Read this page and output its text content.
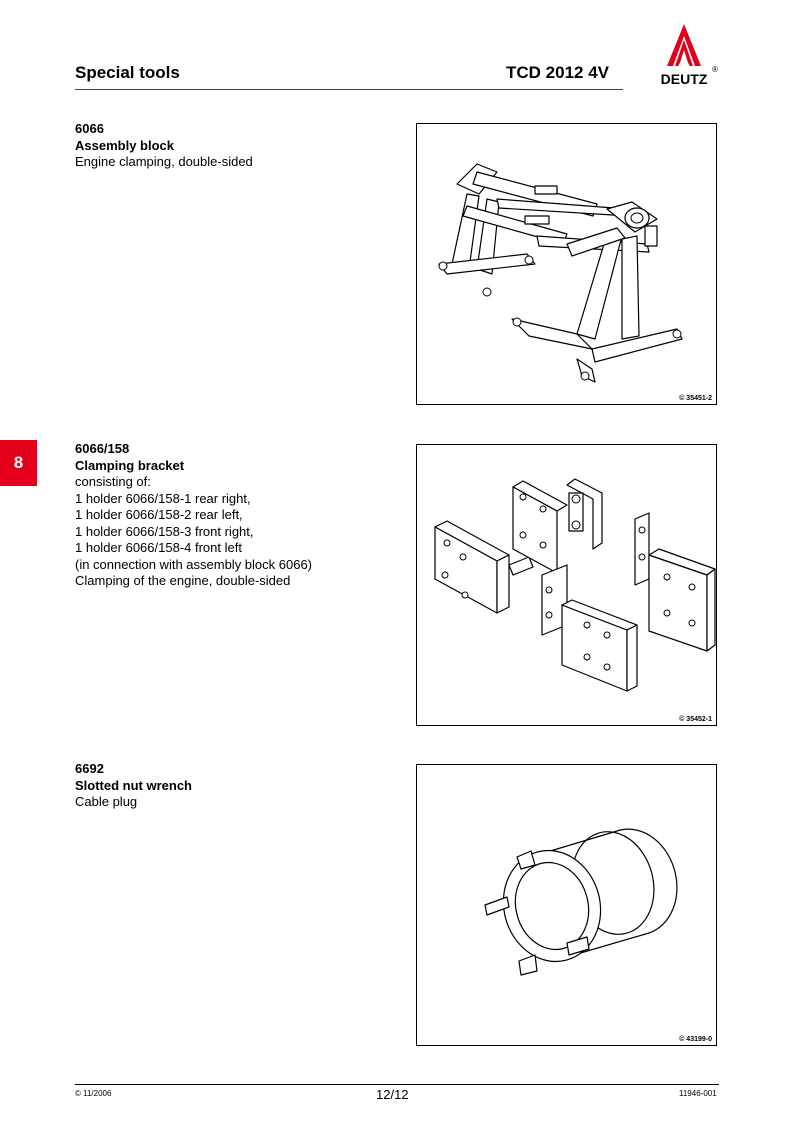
Special tools	TCD 2012 4V	DEUTZ
®
8
6066
Assembly block
Engine clamping, double-sided
© 35451-2
6066/158
Clamping bracket
consisting of:
1 holder 6066/158-1 rear right,
1 holder 6066/158-2 rear left,
1 holder 6066/158-3 front right,
1 holder 6066/158-4 front left
(in connection with assembly block 6066)
Clamping of the engine, double-sided
© 35452-1
6692
Slotted nut wrench
Cable plug
© 43199-0
© 11/2006	12/12	11946-001
